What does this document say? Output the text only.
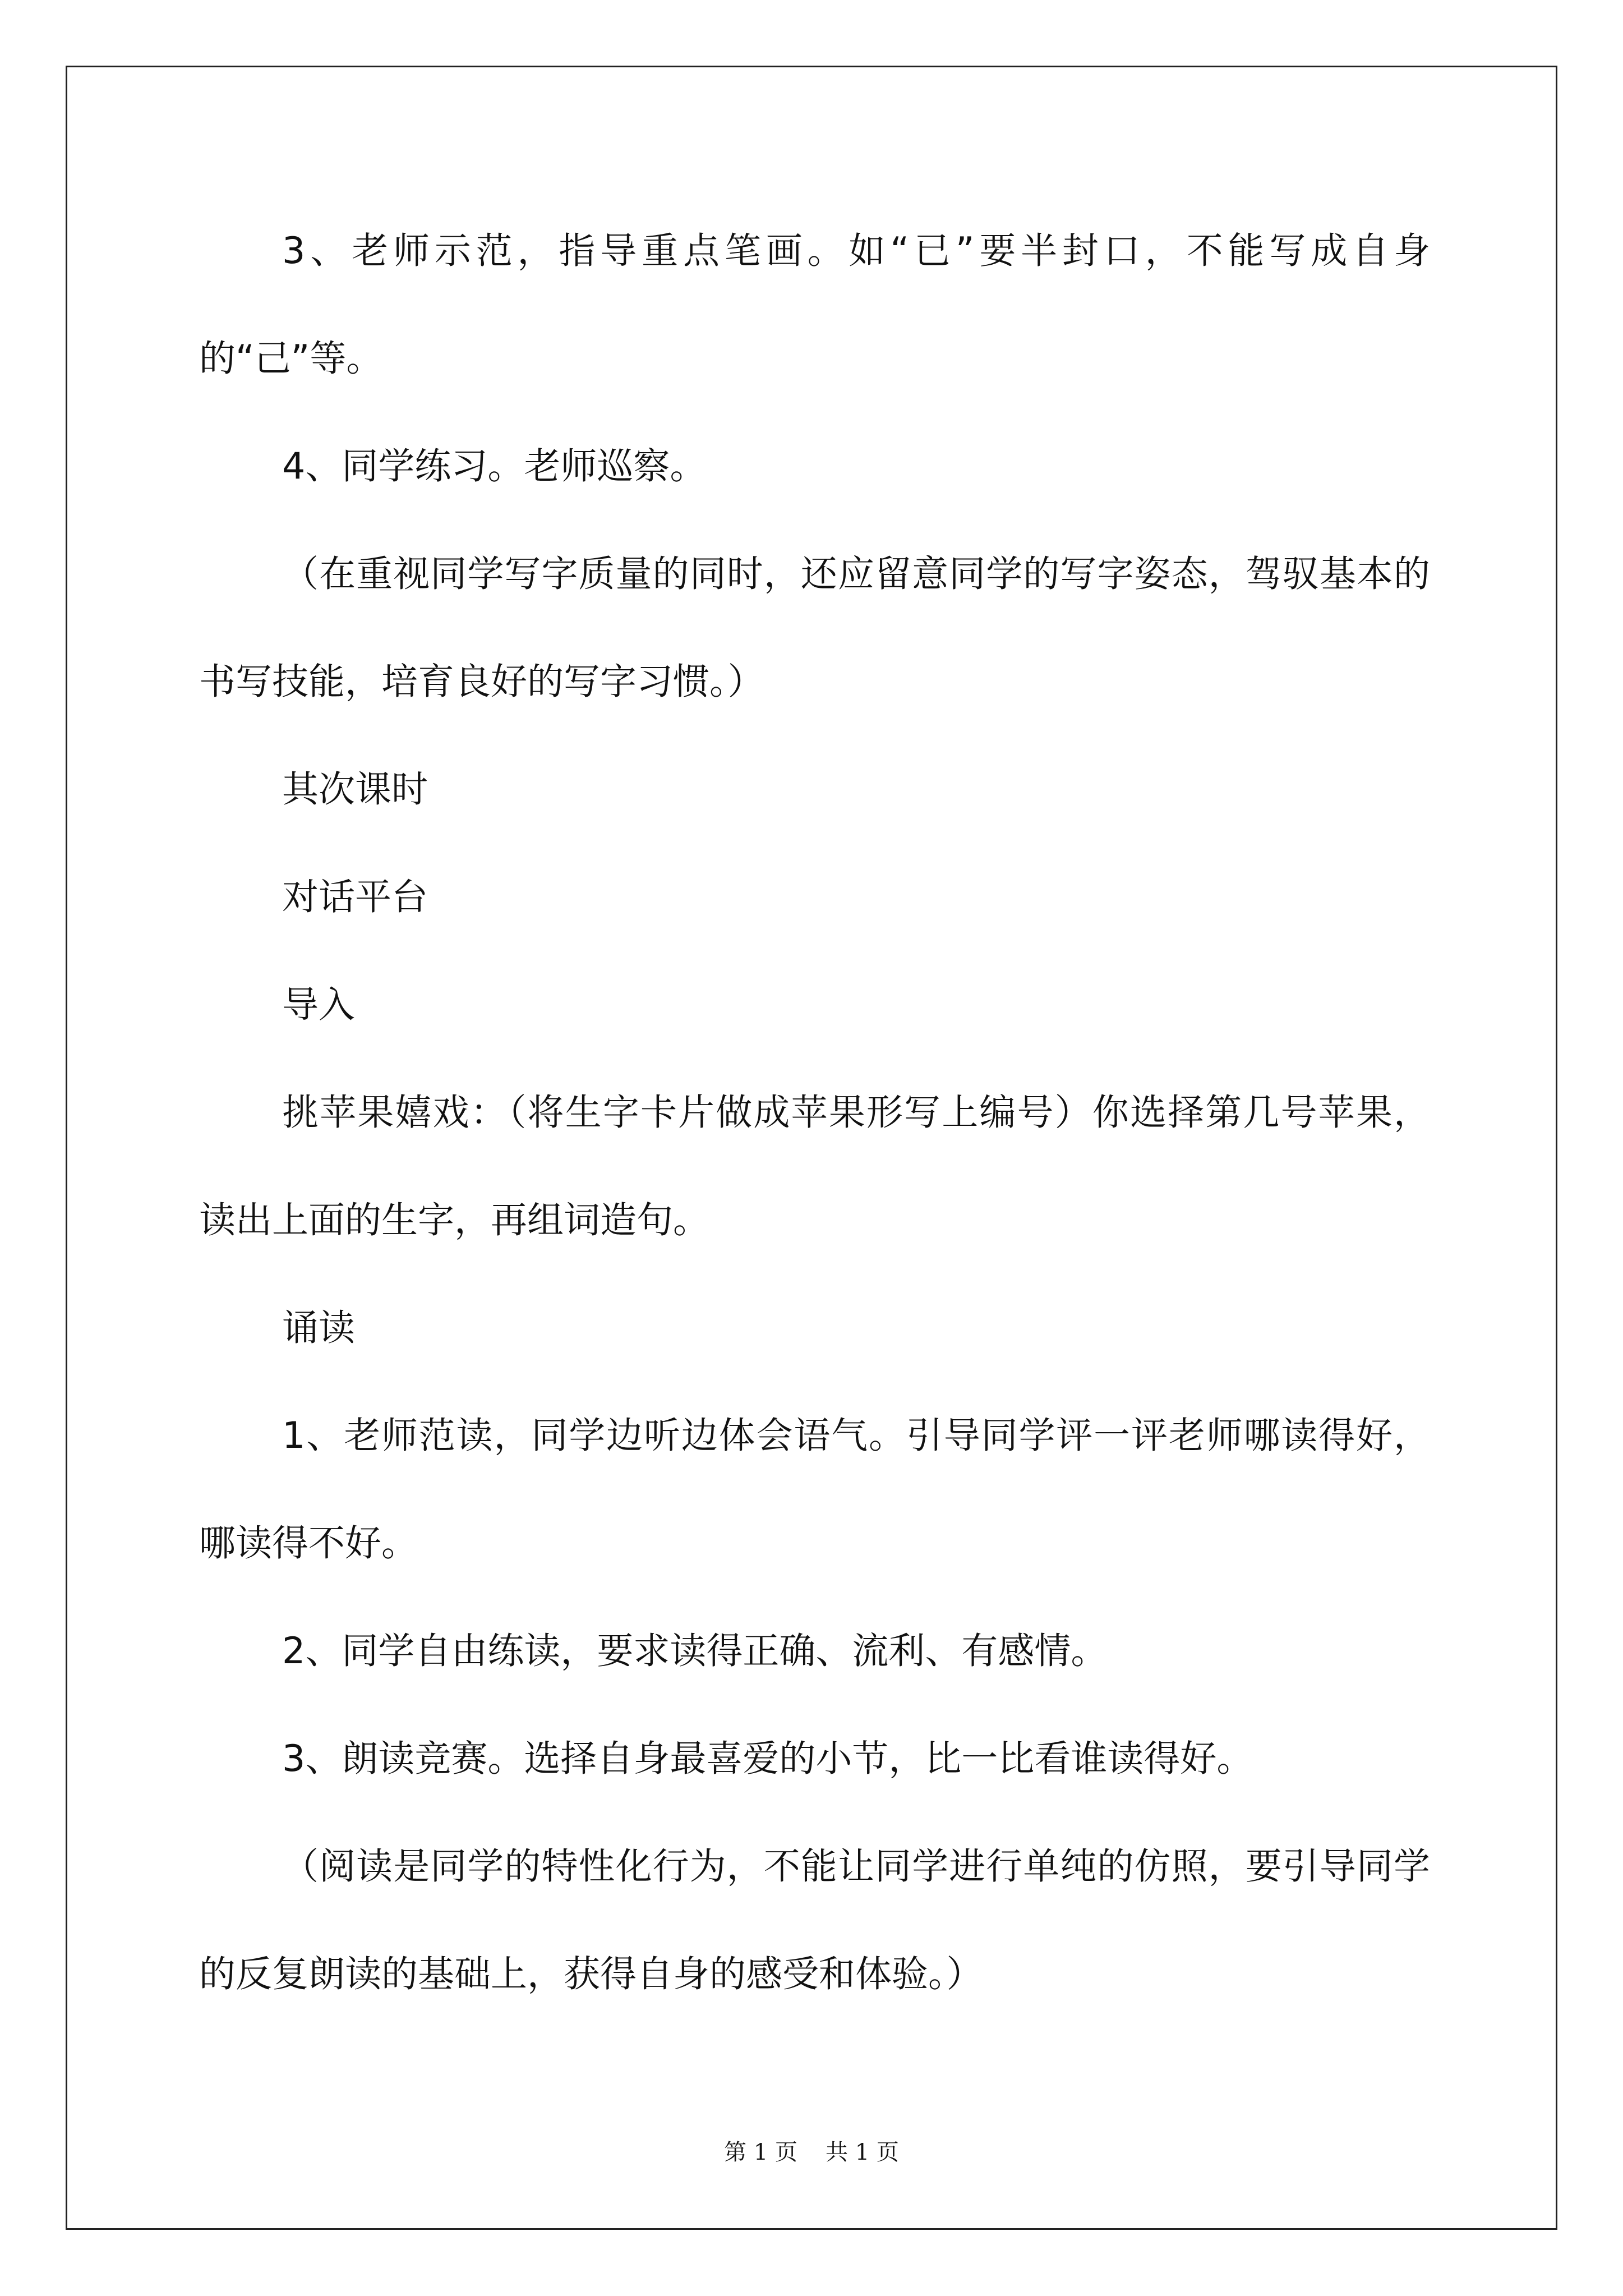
3、老师示范，指导重点笔画。如“已”要半封口，不能写成自身的“己”等。

4、同学练习。老师巡察。

（在重视同学写字质量的同时，还应留意同学的写字姿态，驾驭基本的书写技能，培育良好的写字习惯。）

其次课时

对话平台

导入

挑苹果嬉戏：（将生字卡片做成苹果形写上编号）你选择第几号苹果，读出上面的生字，再组词造句。

诵读

1、老师范读，同学边听边体会语气。引导同学评一评老师哪读得好，哪读得不好。

2、同学自由练读，要求读得正确、流利、有感情。

3、朗读竞赛。选择自身最喜爱的小节，比一比看谁读得好。

（阅读是同学的特性化行为，不能让同学进行单纯的仿照，要引导同学的反复朗读的基础上，获得自身的感受和体验。）

第 1 页 共 1 页
